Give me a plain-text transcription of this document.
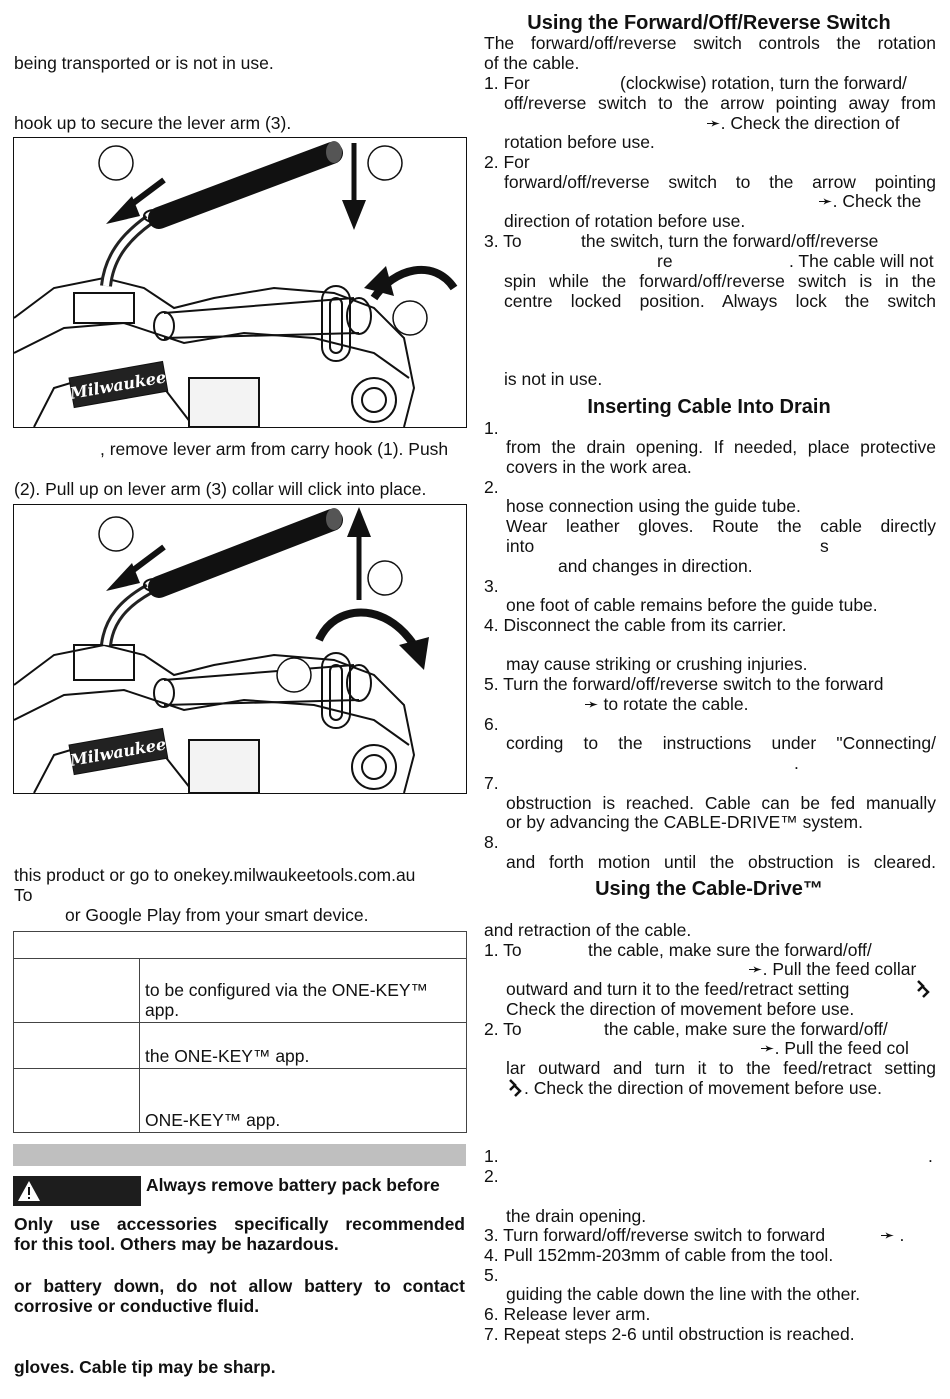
being transported or is not in use.
hook up to secure the lever arm (3).
Milwaukee
, remove lever arm from carry hook (1). Push
(2). Pull up on lever arm (3) collar will click into place.
Milwaukee
this product or go to onekey.milwaukeetools.com.au
To
or Google Play from your smart device.

	to be configured via the ONE-KEY™
app.
	the ONE-KEY™ app.
	ONE-KEY™ app.
Always remove battery pack before
Only use accessories specifically recommended
for this tool. Others may be hazardous.
or battery down, do not allow battery to contact
corrosive or conductive fluid.
gloves. Cable tip may be sharp.
Using the Forward/Off/Reverse Switch
The forward/off/reverse switch controls the rotation
of the cable.
1. For	(clockwise) rotation, turn the forward/
off/reverse switch to the arrow pointing away from
➛. Check the direction of
rotation before use.
2. For
forward/off/reverse switch to the arrow pointing
➛. Check the
direction of rotation before use.
3. To	the switch, turn the forward/off/reverse
re	. The cable will not
spin while the forward/off/reverse switch is in the
centre locked position. Always lock the switch
is not in use.
Inserting Cable Into Drain
1.
from the drain opening. If needed, place protective
covers in the work area.
2.
hose connection using the guide tube.
Wear leather gloves. Route the cable directly
into	s
and changes in direction.
3.
one foot of cable remains before the guide tube.
4. Disconnect the cable from its carrier.
may cause striking or crushing injuries.
5. Turn the forward/off/reverse switch to the forward
➛ to rotate the cable.
6.
cording to the instructions under "Connecting/
.
7.
obstruction is reached. Cable can be fed manually
or by advancing the CABLE-DRIVE™ system.
8.
and forth motion until the obstruction is cleared.
Using the Cable-Drive™
and retraction of the cable.
1. To	the cable, make sure the forward/off/
➛. Pull the feed collar
outward and turn it to the feed/retract setting
Check the direction of movement before use.
2. To	the cable, make sure the forward/off/
➛. Pull the feed col
lar outward and turn it to the feed/retract setting
. Check the direction of movement before use.
1.	.
2.
the drain opening.
3. Turn forward/off/reverse switch to forward	➛ .
4. Pull 152mm-203mm of cable from the tool.
5.
guiding the cable down the line with the other.
6. Release lever arm.
7. Repeat steps 2-6 until obstruction is reached.
